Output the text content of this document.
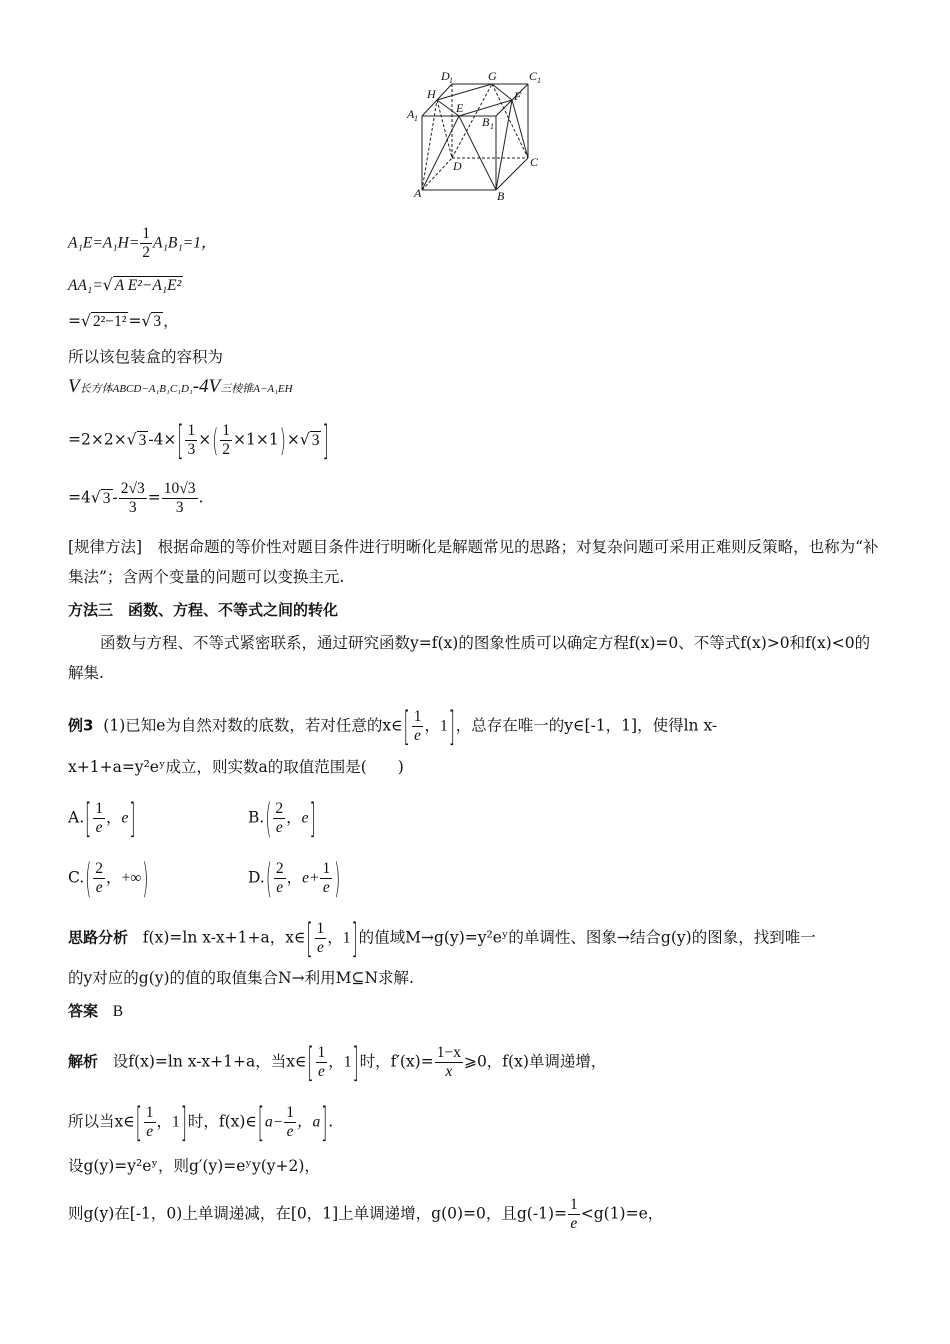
D 1	G	C 1
H
E
F
A 1	B 1
D	C
A	B
$A_1E=A_1H= \frac{1}{2} A_1B_1=1$，
AA₁=√ A E²−A₁E²
=√ 2²−1² =√ 3 ，
所以该包装盒的容积为
V长方体ABCD−A₁B₁C₁D₁-4V三棱锥A−A₁EH
=2×2×√ 3 $-4\times[ \frac{1}{3}$ ×( $\frac{1}{2} \times 1\times 1)\times√$ 3 ]
=4√ $3 - \frac{2√3}{3} = \frac{10√3}{3}$ .
[规律方法]　根据命题的等价性对题目条件进行明晰化是解题常见的思路；对复杂问题可采用正难则反策略，也称为“补集法”；含两个变量的问题可以变换主元.
方法三　函数、方程、不等式之间的转化
函数与方程、不等式紧密联系，通过研究函数y=f(x)的图象性质可以确定方程f(x)=0、不等式f(x)>0和f(x)<0的解集.
例3 (1)已知e为自然对数的底数，若对任意的x∈[ $\frac{1}{e}$ ，1]，总存在唯一的y∈[-1，1]，使得ln x-
x+1+a=y²eʸ成立，则实数a的取值范围是(　　)
$A.[ \frac{1}{e}$ ，e]	$B.( \frac{2}{e}$ ，e]
$C.( \frac{2}{e}$ ，+∞)	$D.( \frac{2}{e}$ ，$e+ \frac{1}{e}$ )
思路分析 f(x)=ln x-x+1+a，x∈[ $\frac{1}{e}$ ，1]的值域M→g(y)=y²eʸ的单调性、图象→结合g(y)的图象，找到唯一
的y对应的g(y)的值的取值集合N→利用M⊆N求解.
答案 B
解析 设f(x)=ln x-x+1+a，当x∈[ $\frac{1}{e}$ ，1]时，$f'(x)= \frac{1-x}{x}$ ⩾0，f(x)单调递增，
所以当x∈[ $\frac{1}{e}$ ，1]时，f(x)∈[a− $\frac{1}{e}$ ，a].
设g(y)=y²eʸ，则g′(y)=eʸy(y+2)，
则g(y)在[-1，0)上单调递减，在[0，1]上单调递增，g(0)=0，且$g(-1)= \frac{1}{e} <g(1)=e$，
